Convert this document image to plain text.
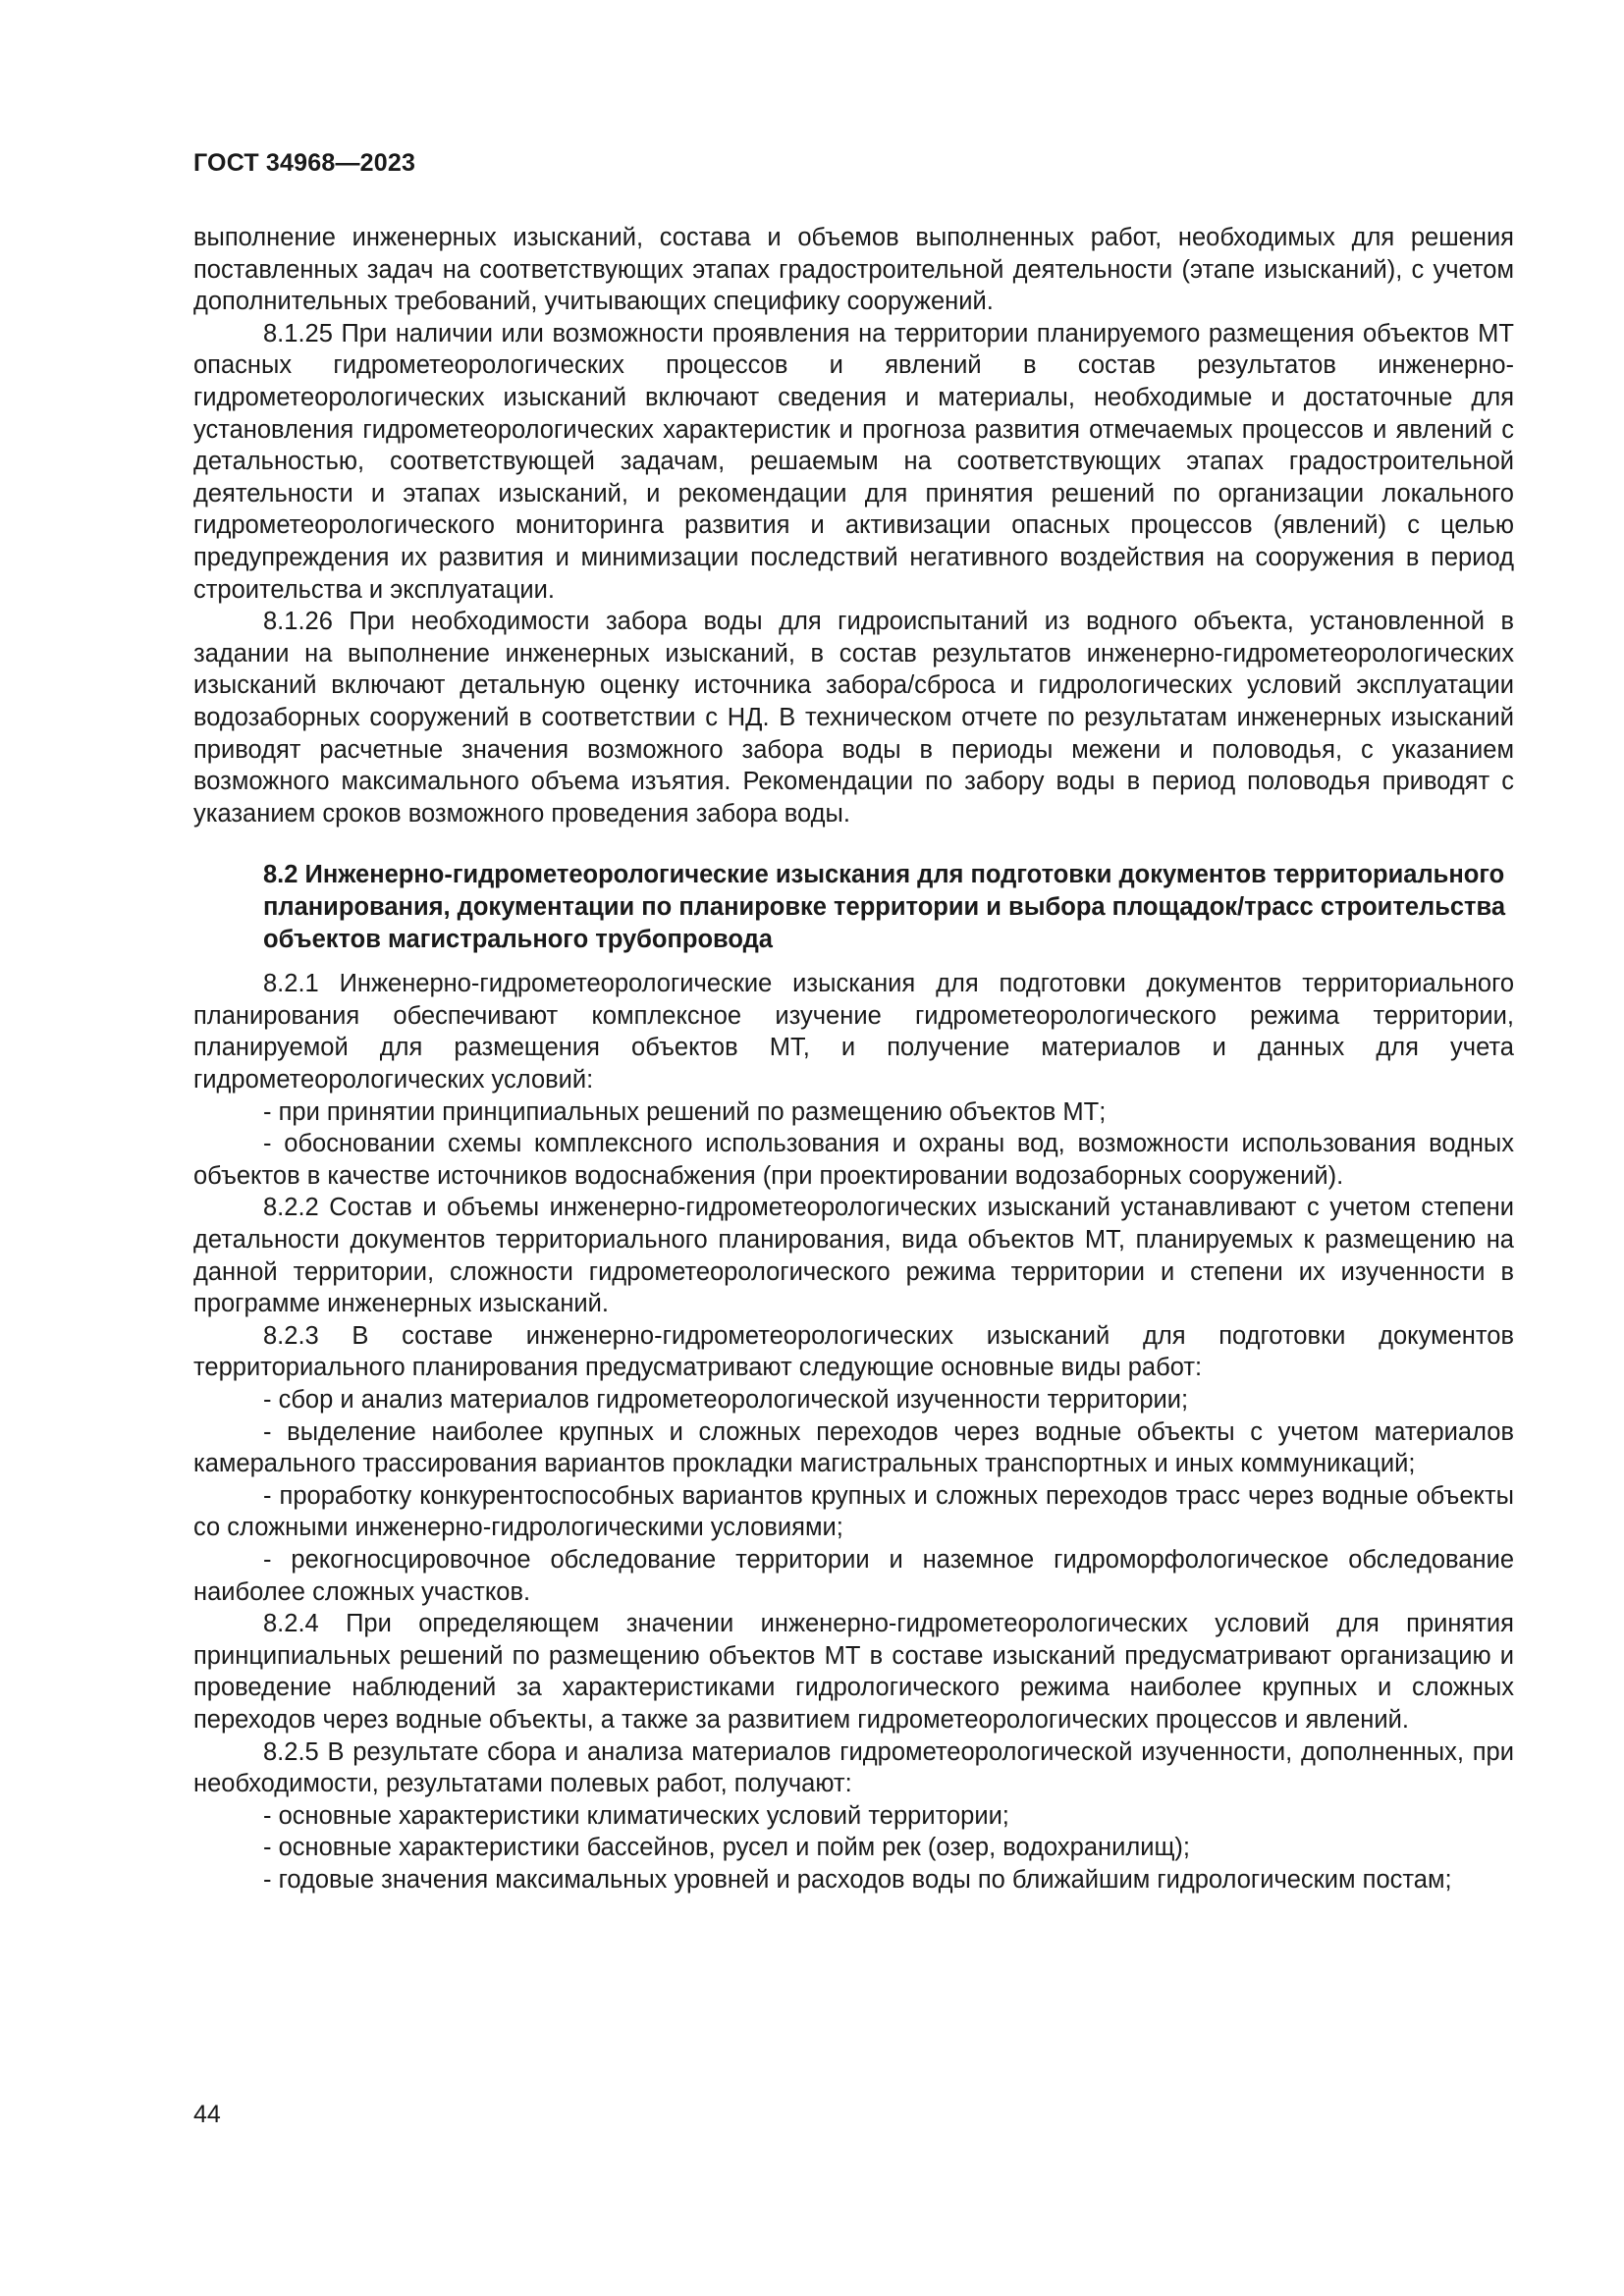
ГОСТ 34968—2023

выполнение инженерных изысканий, состава и объемов выполненных работ, необходимых для решения поставленных задач на соответствующих этапах градостроительной деятельности (этапе изысканий), с учетом дополнительных требований, учитывающих специфику сооружений.

8.1.25 При наличии или возможности проявления на территории планируемого размещения объектов МТ опасных гидрометеорологических процессов и явлений в состав результатов инженерно-гидрометеорологических изысканий включают сведения и материалы, необходимые и достаточные для установления гидрометеорологических характеристик и прогноза развития отмечаемых процессов и явлений с детальностью, соответствующей задачам, решаемым на соответствующих этапах градостроительной деятельности и этапах изысканий, и рекомендации для принятия решений по организации локального гидрометеорологического мониторинга развития и активизации опасных процессов (явлений) с целью предупреждения их развития и минимизации последствий негативного воздействия на сооружения в период строительства и эксплуатации.

8.1.26 При необходимости забора воды для гидроиспытаний из водного объекта, установленной в задании на выполнение инженерных изысканий, в состав результатов инженерно-гидрометеорологических изысканий включают детальную оценку источника забора/сброса и гидрологических условий эксплуатации водозаборных сооружений в соответствии с НД. В техническом отчете по результатам инженерных изысканий приводят расчетные значения возможного забора воды в периоды межени и половодья, с указанием возможного максимального объема изъятия. Рекомендации по забору воды в период половодья приводят с указанием сроков возможного проведения забора воды.

8.2 Инженерно-гидрометеорологические изыскания для подготовки документов территориального планирования, документации по планировке территории и выбора площадок/трасс строительства объектов магистрального трубопровода

8.2.1 Инженерно-гидрометеорологические изыскания для подготовки документов территориального планирования обеспечивают комплексное изучение гидрометеорологического режима территории, планируемой для размещения объектов МТ, и получение материалов и данных для учета гидрометеорологических условий:

- при принятии принципиальных решений по размещению объектов МТ;

- обосновании схемы комплексного использования и охраны вод, возможности использования водных объектов в качестве источников водоснабжения (при проектировании водозаборных сооружений).

8.2.2 Состав и объемы инженерно-гидрометеорологических изысканий устанавливают с учетом степени детальности документов территориального планирования, вида объектов МТ, планируемых к размещению на данной территории, сложности гидрометеорологического режима территории и степени их изученности в программе инженерных изысканий.

8.2.3 В составе инженерно-гидрометеорологических изысканий для подготовки документов территориального планирования предусматривают следующие основные виды работ:

- сбор и анализ материалов гидрометеорологической изученности территории;

- выделение наиболее крупных и сложных переходов через водные объекты с учетом материалов камерального трассирования вариантов прокладки магистральных транспортных и иных коммуникаций;

- проработку конкурентоспособных вариантов крупных и сложных переходов трасс через водные объекты со сложными инженерно-гидрологическими условиями;

- рекогносцировочное обследование территории и наземное гидроморфологическое обследование наиболее сложных участков.

8.2.4 При определяющем значении инженерно-гидрометеорологических условий для принятия принципиальных решений по размещению объектов МТ в составе изысканий предусматривают организацию и проведение наблюдений за характеристиками гидрологического режима наиболее крупных и сложных переходов через водные объекты, а также за развитием гидрометеорологических процессов и явлений.

8.2.5 В результате сбора и анализа материалов гидрометеорологической изученности, дополненных, при необходимости, результатами полевых работ, получают:

- основные характеристики климатических условий территории;

- основные характеристики бассейнов, русел и пойм рек (озер, водохранилищ);

- годовые значения максимальных уровней и расходов воды по ближайшим гидрологическим постам;

44
